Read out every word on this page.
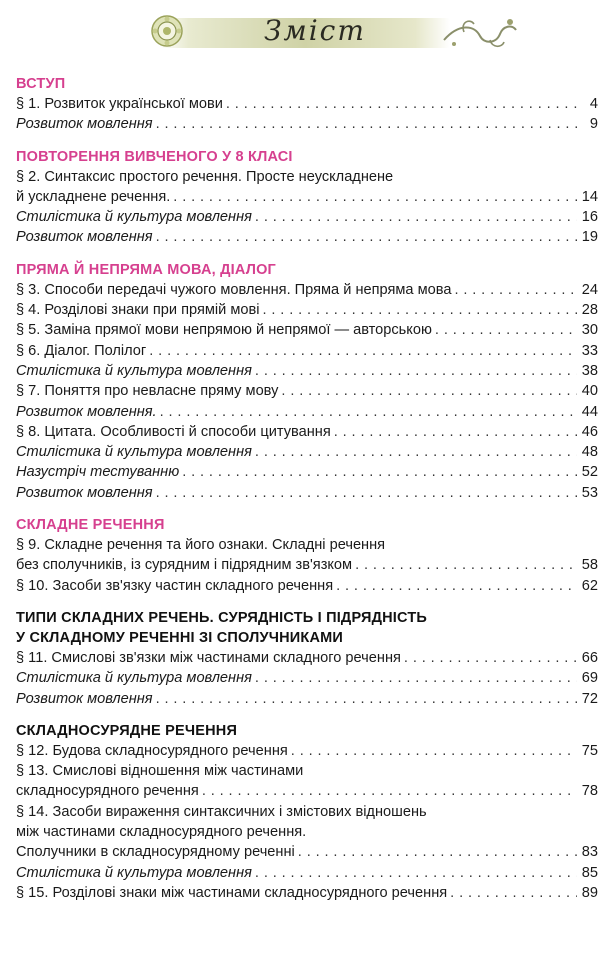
Зміст
ВСТУП
§ 1. Розвиток української мови . . .	4
Розвиток мовлення . . .	9
ПОВТОРЕННЯ ВИВЧЕНОГО У 8 КЛАСІ
§ 2. Синтаксис простого речення. Просте неускладнене
й ускладнене речення. . . .	14
Стилістика й культура мовлення . . .	16
Розвиток мовлення . . .	19
ПРЯМА Й НЕПРЯМА МОВА, ДІАЛОГ
§ 3. Способи передачі чужого мовлення. Пряма й непряма мова . . .	24
§ 4. Розділові знаки при прямій мові . . .	28
§ 5. Заміна прямої мови непрямою й непрямої — авторською . . .	30
§ 6. Діалог. Полілог . . .	33
Стилістика й культура мовлення . . .	38
§ 7. Поняття про невласне пряму мову . . .	40
Розвиток мовлення. . . .	44
§ 8. Цитата. Особливості й способи цитування . . .	46
Стилістика й культура мовлення . . .	48
Назустріч тестуванню . . .	52
Розвиток мовлення . . .	53
СКЛАДНЕ РЕЧЕННЯ
§ 9. Складне речення та його ознаки. Складні речення
без сполучників, із сурядним і підрядним зв'язком . . .	58
§ 10. Засоби зв'язку частин складного речення . . .	62
ТИПИ СКЛАДНИХ РЕЧЕНЬ. СУРЯДНІСТЬ І ПІДРЯДНІСТЬ
У СКЛАДНОМУ РЕЧЕННІ ЗІ СПОЛУЧНИКАМИ
§ 11. Смислові зв'язки між частинами складного речення . . .	66
Стилістика й культура мовлення . . .	69
Розвиток мовлення . . .	72
СКЛАДНОСУРЯДНЕ РЕЧЕННЯ
§ 12. Будова складносурядного речення . . .	75
§ 13. Смислові відношення між частинами
складносурядного речення . . .	78
§ 14. Засоби вираження синтаксичних і змістових відношень
між частинами складносурядного речення.
Сполучники в складносурядному реченні . . .	83
Стилістика й культура мовлення . . .	85
§ 15. Розділові знаки між частинами складносурядного речення . . .	89
